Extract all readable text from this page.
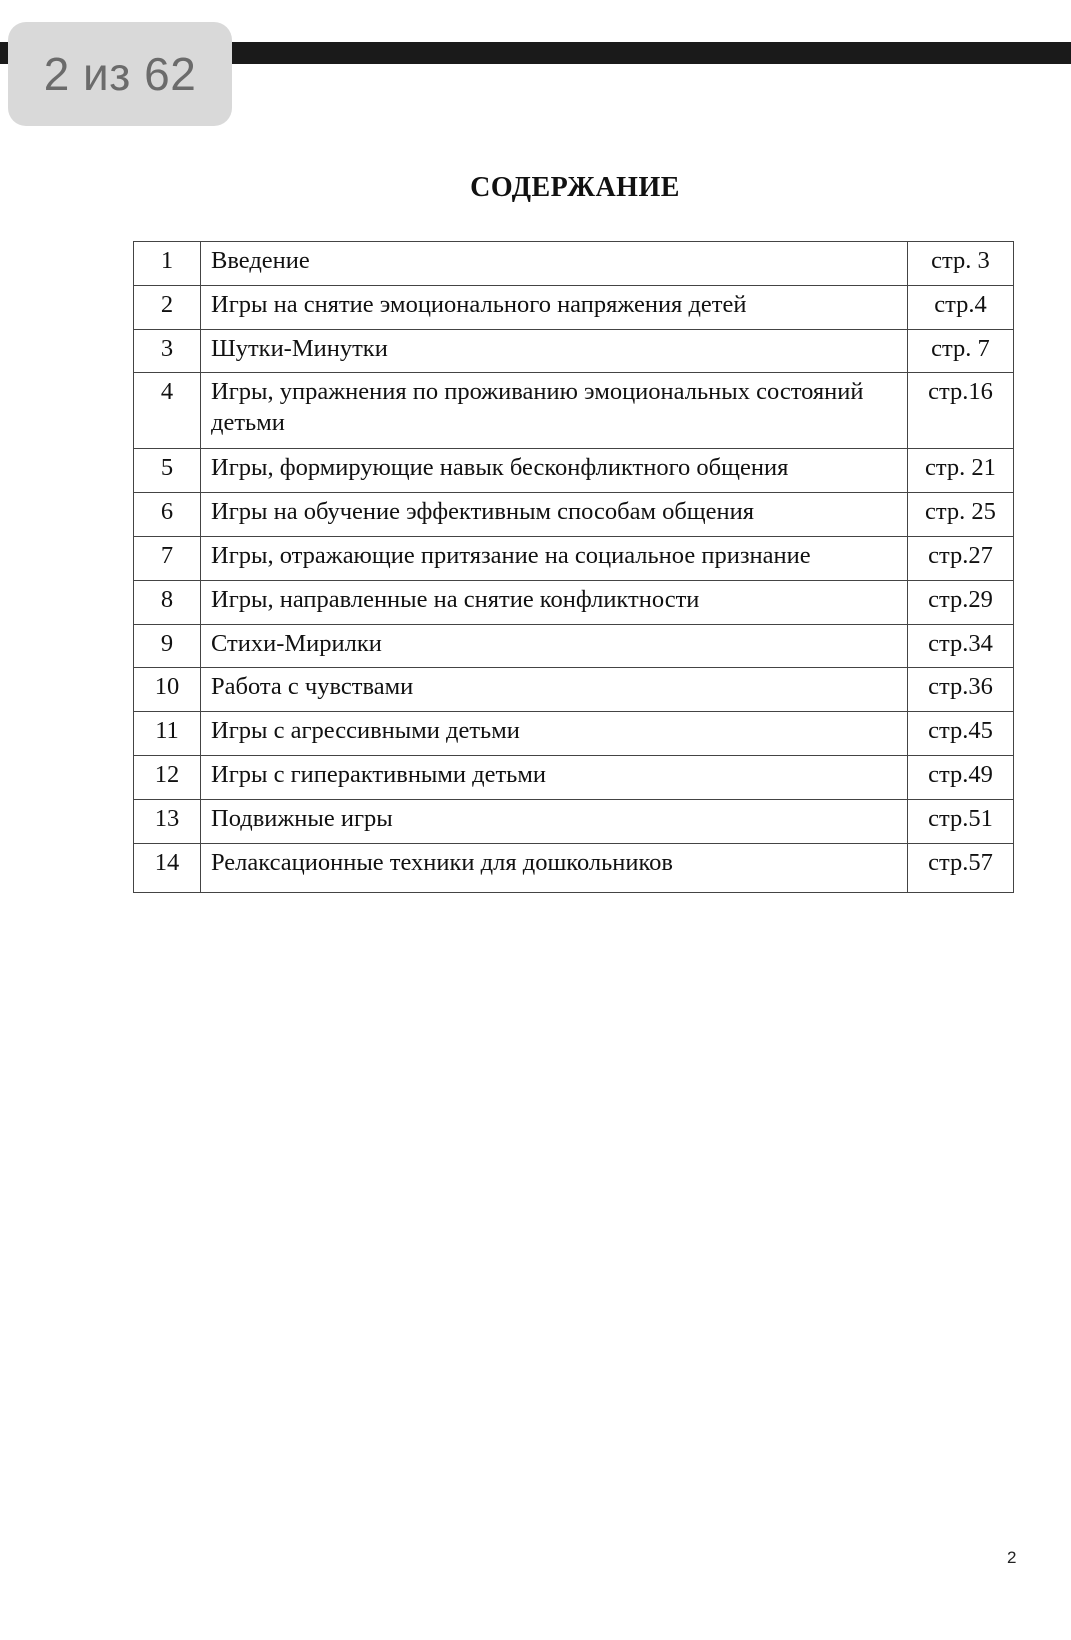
2 из 62
СОДЕРЖАНИЕ
1	Введение	стр. 3
2	Игры на снятие эмоционального напряжения детей	стр.4
3	Шутки-Минутки	стр. 7
4	Игры, упражнения по проживанию эмоциональных состояний детьми	стр.16
5	Игры, формирующие навык бесконфликтного общения	стр. 21
6	Игры на обучение эффективным способам общения	стр. 25
7	Игры, отражающие притязание на социальное признание	стр.27
8	Игры, направленные на снятие конфликтности	стр.29
9	Стихи-Мирилки	стр.34
10	Работа с чувствами	стр.36
11	Игры с агрессивными детьми	стр.45
12	Игры с гиперактивными детьми	стр.49
13	Подвижные игры	стр.51
14	Релаксационные техники для дошкольников	стр.57
2
